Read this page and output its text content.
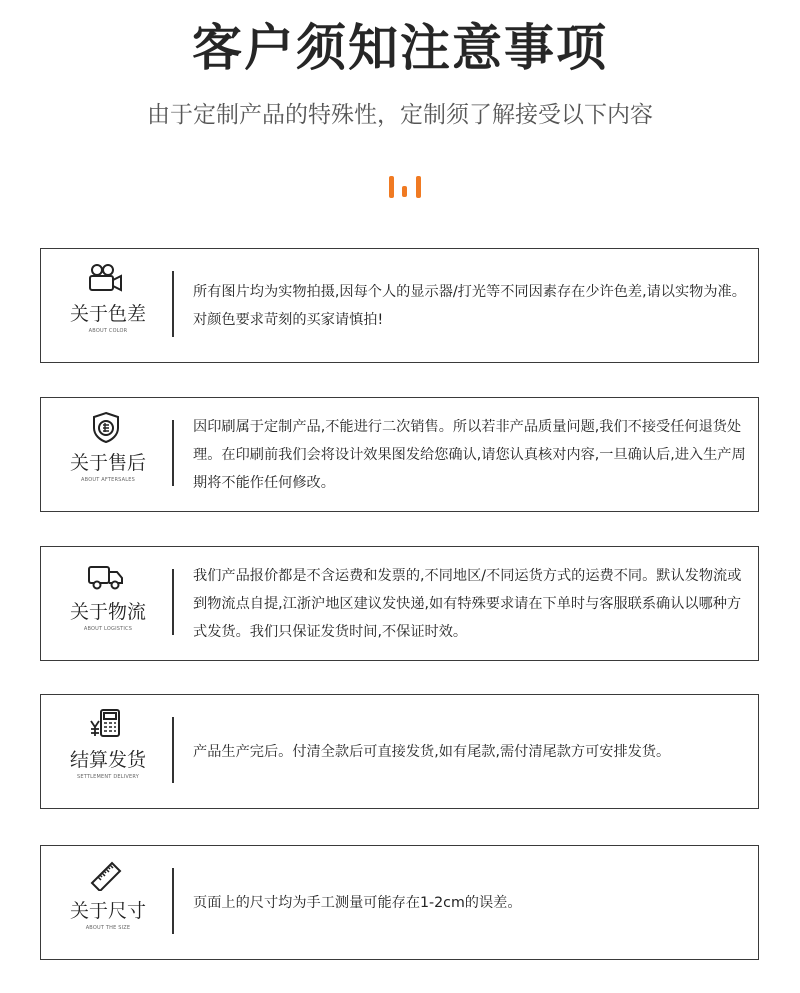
客户须知注意事项
由于定制产品的特殊性，定制须了解接受以下内容
关于色差
ABOUT COLOR
所有图片均为实物拍摄,因每个人的显示器/打光等不同因素存在少许色差,请以实物为准。对颜色要求苛刻的买家请慎拍!
关于售后
ABOUT AFTERSALES
因印刷属于定制产品,不能进行二次销售。所以若非产品质量问题,我们不接受任何退货处理。在印刷前我们会将设计效果图发给您确认,请您认真核对内容,一旦确认后,进入生产周期将不能作任何修改。
关于物流
ABOUT LOGISTICS
我们产品报价都是不含运费和发票的,不同地区/不同运货方式的运费不同。默认发物流或到物流点自提,江浙沪地区建议发快递,如有特殊要求请在下单时与客服联系确认以哪种方式发货。我们只保证发货时间,不保证时效。
结算发货
SETTLEMENT DELIVERY
产品生产完后。付清全款后可直接发货,如有尾款,需付清尾款方可安排发货。
关于尺寸
ABOUT THE SIZE
页面上的尺寸均为手工测量可能存在1-2cm的误差。
